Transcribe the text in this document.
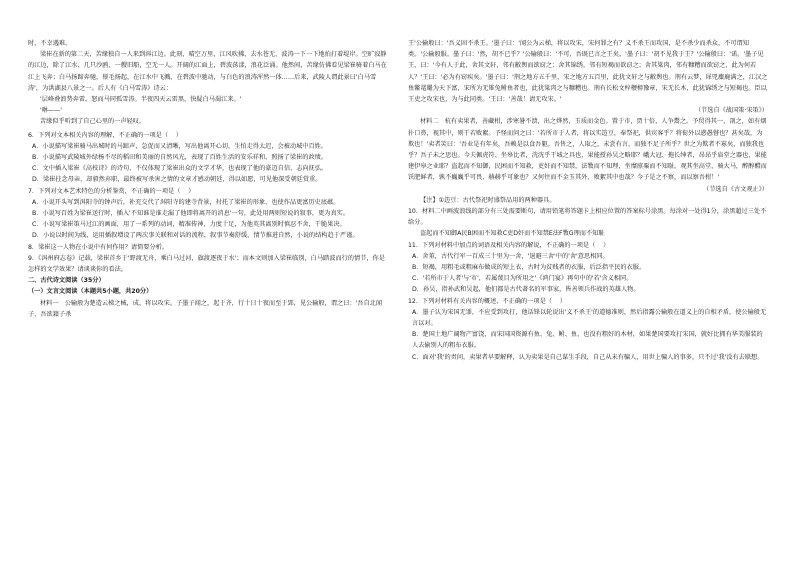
时，不幸遇难。

梁崔在新的第二天，苦缘独自一人来到洱江边。此刻，晴空万里，江风吹拂，去水苍无，波涛一下一下地拍打着堤岸。空旷寂静的江边，除了江水、几只沙鸥、一艘旧船，空无一人。开阔的江面上，碧波荡漾，浪花泛涌。他然间，苦缘仿佛看见梁崔骑着白马在江上飞奔；白马扬蹄奔驰，鬃毛扬起，在江水中飞溅，在碧波中驰动，与白色的浪涛浑然一体……后来，武陵人谓此景曰'白马雪涛'，为洪湖县八景之一。后人有《白马雪涛》诗云：

'层峰叠浪势奔雷，怒而马同孤雪涛。半夜四天云雷黑，快疑白马渴江来。'

'咻——'

苦缘似乎听到了自己心里的一声轻叹。

6．下列对文本相关内容的理解，不正确的一项是（    ）

A．小说描写梁崔骑马出城时的马蹄声，急促而又清晰，写出他离开心切，生怕走得太迟，会被动城中百姓。

B．小说描写武陵城外绿杨不尽的稻田和美丽的自然风光，表现了百姓生活的安乐祥和，照扬了梁崔的政绩。

C．文中插入梁崔《高枝诗》的诗句，不仅体现了梁崔出众的文学才华，也表现了他的豪迈自信、志向抚弘。

D．梁崔拄念母亲，却毅然弃职，最终被写杀害之情的文章才感动朝廷，得以如愿，可见他深受朝廷赏重。

7．下列对文本艺术特色的分析鉴赏，不正确的一项是（    ）

A．小说开头写到洱阳寺的钟声后，补充交代了洱阳寺的建寺背景，衬托了梁崔的形象，也使作品更富历史底蕴。

B．小说写百姓为梁崔送行时，插入'不知谁是谁走漏了他即将离开的消息'一句，此处用两则短说的叙事，更为真实。

C．小说写梁崔策马过江的画面，用了一系列的动词，精准传神，力度十足，为他英其离别时慎忍不舍，干脆果决。

D．小说以时间为线，运用插叙增设了两次事关联和对话的流程，叙事节奏舒缓，情节推进自然，小说的结构趋于严谨。

8．梁崔这一人物在小说中有何作用？请简要分析。

9．《洱州府志卷》记载，梁崔首乡于'野渡无舟，乘白马过河，旗渡逐夜于水'；而本文则加入梁崔临别，白马踏波而行的情节，你是怎样的文学效果？请谈谈你的看法。

二、古代诗文阅读（35分）

（一）文言文阅读（本题共5小题，共20分）

材料一　公输般为楚造云梯之械，成，将以攻宋。子墨子闻之，起于齐，行十日十夜而至于郢，见公输般，谓之曰：'吾自北闻子，吾欲籍子杀

王'公输般曰：'吾义固不杀王。'墨子曰：'闻公为云梯，将以攻宋，宋何罪之有？义不杀王而攻国，是不杀少而杀众，不可谓知类。'公输般服。墨子曰：'然，胡不已乎？'公输般曰：'不可，吾既已言之王矣。'墨子曰：'胡不见我于王？'公输般曰：'诺。'墨子见王，曰：'今有人于此，舍其文轩，邻有敝舆而欲窃之；舍其锦绣，邻有短褐而欲窃之；舍其粱肉，邻有糠糟而欲窃之，此为何若人？'王曰：'必为有窃疾矣。'墨子曰：'荆之地方五千里，宋之地方五百里，此犹文轩之与敝舆也。荆有云梦，犀兕麋鹿满之，江汉之鱼鳖鼋鼍为天下富，宋所为无雉兔鲋鱼者也，此犹粱肉之与糠糟也。荆有长松文梓楩枏豫章，宋无长木，此犹锦绣之与短褐也。臣以王吏之攻宋也，为与此同类。'王曰：'善哉！请无攻宋。'

（节选自《战国策·宋策》）

材料二　杭有卖果者，善藏柑，涉寒暑不溃，出之烨然，玉质而金色。置于市，贾十倍，人争鬻之。予贸得其一，剖之，如有烟扑口鼻，视其中，则干若败絮。予怪而问之曰：'若所市于人者，将以实笾豆，奉祭祀，供宾客乎？将衒外以惑愚瞽也？甚矣哉，为欺也！'卖者笑曰：'吾业是有年矣，吾赖是以食吾躯。吾售之，人取之，未尝有言，而独不足子所乎？世之为欺者不寡矣，而独我也乎？吾子未之思也。今夫佩虎符、坐皋比者，洸洸乎干城之具也，果能授孙吴之略耶？峨大冠、拖长绅者，昂昂乎庙堂之器也，果能建伊皋之业耶？盗起而不知御，民困而不知救，吏奸而不知禁，法斁而不知理，坐糜廪粟而不知耻。观其坐高堂，骑大马，醉醇醴而饫肥鲜者，孰不巍巍乎可畏，赫赫乎可象也？又何往而不金玉其外、败絮其中也哉？今子是之不察，而以察吾柑！'

（节选自《古文观止》）

【注】①笾豆：古代祭祀时盛祭品用的两种器具。

10．材料二中画波浪线的部分有三处需要断句，请用铅笔将答题卡上相应位置的答案标号涂黑。每涂对一处得1分，涂黑超过三处不给分。

盗起而不知御A民B困而不知救C吏D奸而不知禁E法F斁G理而不知耻

11．下列对材料中加点的词语及相关内容的解说，不正确的一项是（    ）

A．舍董，古代行军一百成三十里为一舍，'退避三舍'中的'舍'意思相同。

B．短褐，用粗毛或粗麻布做成的短上衣，古时为贫贱者的衣服，后泛指平民的衣服。

C．'若所市于人者'与'市'，若属蔑目为所用之'《鸿门宴》再句中的'若'含义相同。

D．孙吴，指孙武和吴起，他们都是古代著名的军事家，皆善领兵作战的英雄人物。

12．下列对材料有关内容的概述，不正确的一项是（    ）

A．墨子认为宋国无罪，不应受到攻打，他话锋以轮说出'义不杀王'的道德准则，然后指露公输般在道义上的自相矛盾，使公输般无言以对。

B．楚国土地广阔物产富饶，而宋国国资源有鱼、兔、鲋、鱼，也没有粗好的木材，如果楚国要攻打宋国，就好比拥有华美服装的人去偷别人的粗布衣服。

C．面对'我'的责问，卖果者早要解释，认为卖果是自己谋生手段，自己从未有骗人，用世上骗人的事多，只不过'我'没有去联想。
